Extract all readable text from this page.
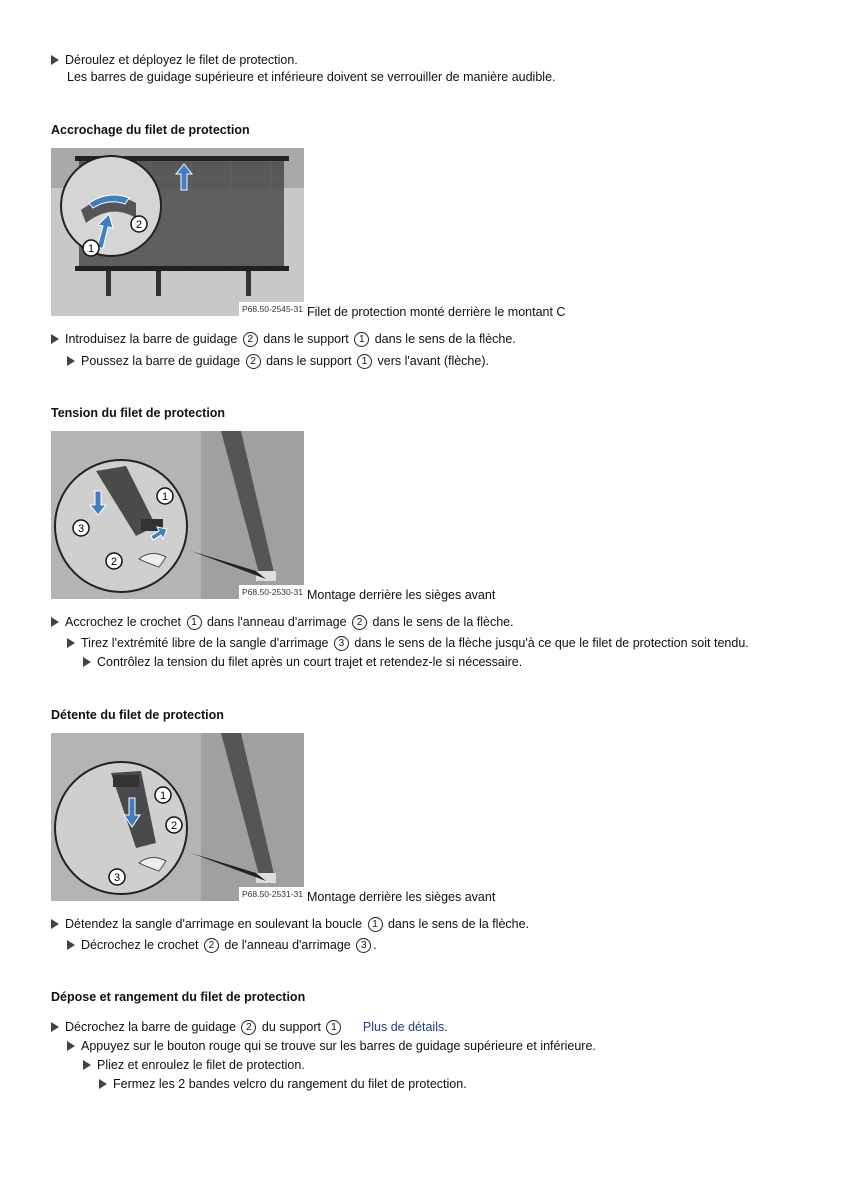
Déroulez et déployez le filet de protection.
Les barres de guidage supérieure et inférieure doivent se verrouiller de manière audible.
Accrochage du filet de protection
2
1
P68.50-2545-31 Filet de protection monté derrière le montant C
Introduisez la barre de guidage 2 dans le support 1 dans le sens de la flèche.
Poussez la barre de guidage 2 dans le support 1 vers l'avant (flèche).
Tension du filet de protection
1
3
2
P68.50-2530-31 Montage derrière les sièges avant
Accrochez le crochet 1 dans l'anneau d'arrimage 2 dans le sens de la flèche.
Tirez l'extrémité libre de la sangle d'arrimage 3 dans le sens de la flèche jusqu'à ce que le filet de protection soit tendu.
Contrôlez la tension du filet après un court trajet et retendez-le si nécessaire.
Détente du filet de protection
1
2
3
P68.50-2531-31 Montage derrière les sièges avant
Détendez la sangle d'arrimage en soulevant la boucle 1 dans le sens de la flèche.
Décrochez le crochet 2 de l'anneau d'arrimage 3 .
Dépose et rangement du filet de protection
Décrochez la barre de guidage 2 du support 1 Plus de détails.
Appuyez sur le bouton rouge qui se trouve sur les barres de guidage supérieure et inférieure.
Pliez et enroulez le filet de protection.
Fermez les 2 bandes velcro du rangement du filet de protection.
